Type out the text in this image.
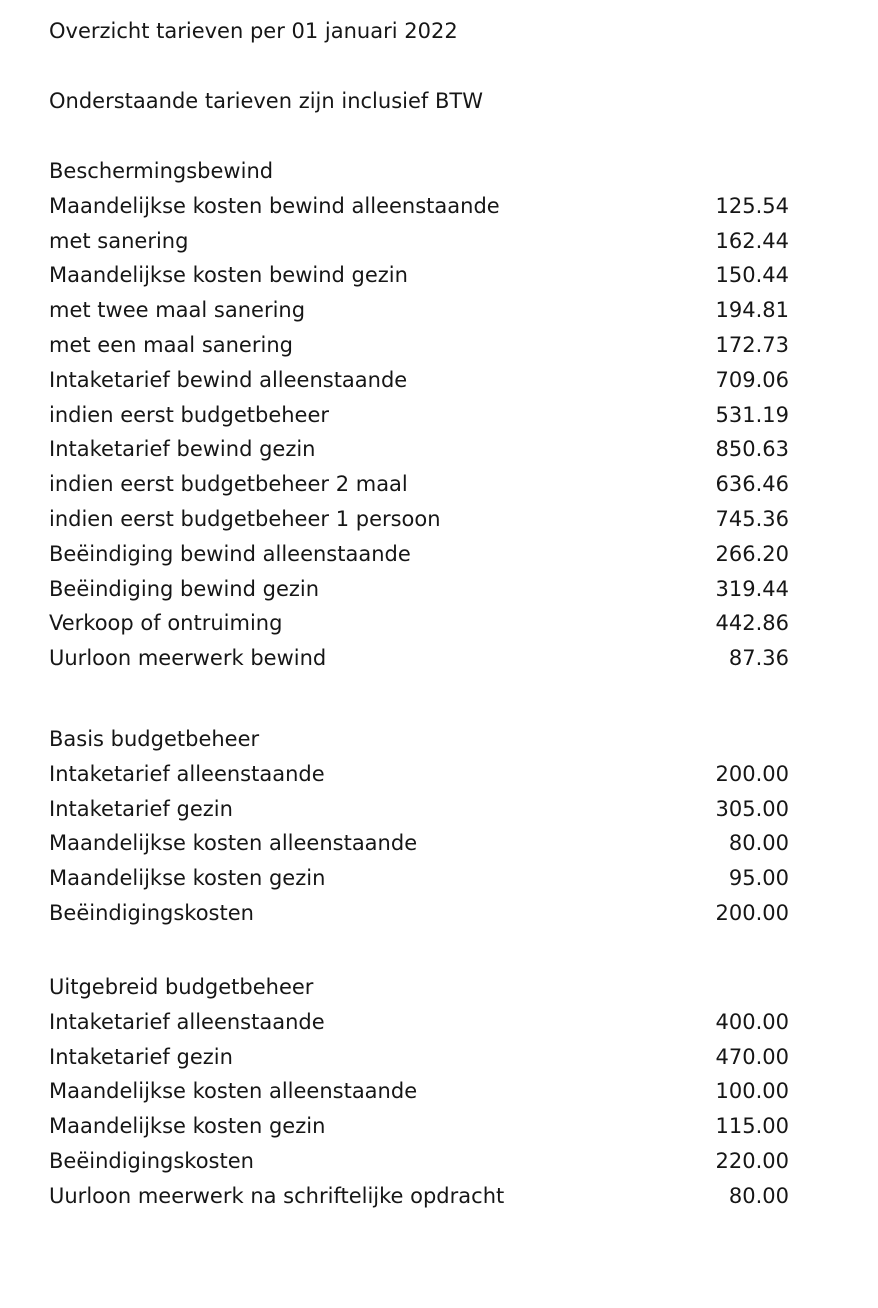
Overzicht tarieven per 01 januari 2022

Onderstaande tarieven zijn inclusief BTW

Beschermingsbewind
Maandelijkse kosten bewind alleenstaande	125.54
met sanering	162.44
Maandelijkse kosten bewind gezin	150.44
met twee maal sanering	194.81
met een maal sanering	172.73
Intaketarief bewind alleenstaande	709.06
indien eerst budgetbeheer	531.19
Intaketarief bewind gezin	850.63
indien eerst budgetbeheer 2 maal	636.46
indien eerst budgetbeheer 1 persoon	745.36
Beëindiging bewind alleenstaande	266.20
Beëindiging bewind gezin	319.44
Verkoop of ontruiming	442.86
Uurloon meerwerk bewind	87.36
Basis budgetbeheer
Intaketarief alleenstaande	200.00
Intaketarief gezin	305.00
Maandelijkse kosten alleenstaande	80.00
Maandelijkse kosten gezin	95.00
Beëindigingskosten	200.00
Uitgebreid budgetbeheer
Intaketarief alleenstaande	400.00
Intaketarief gezin	470.00
Maandelijkse kosten alleenstaande	100.00
Maandelijkse kosten gezin	115.00
Beëindigingskosten	220.00
Uurloon meerwerk na schriftelijke opdracht	80.00
